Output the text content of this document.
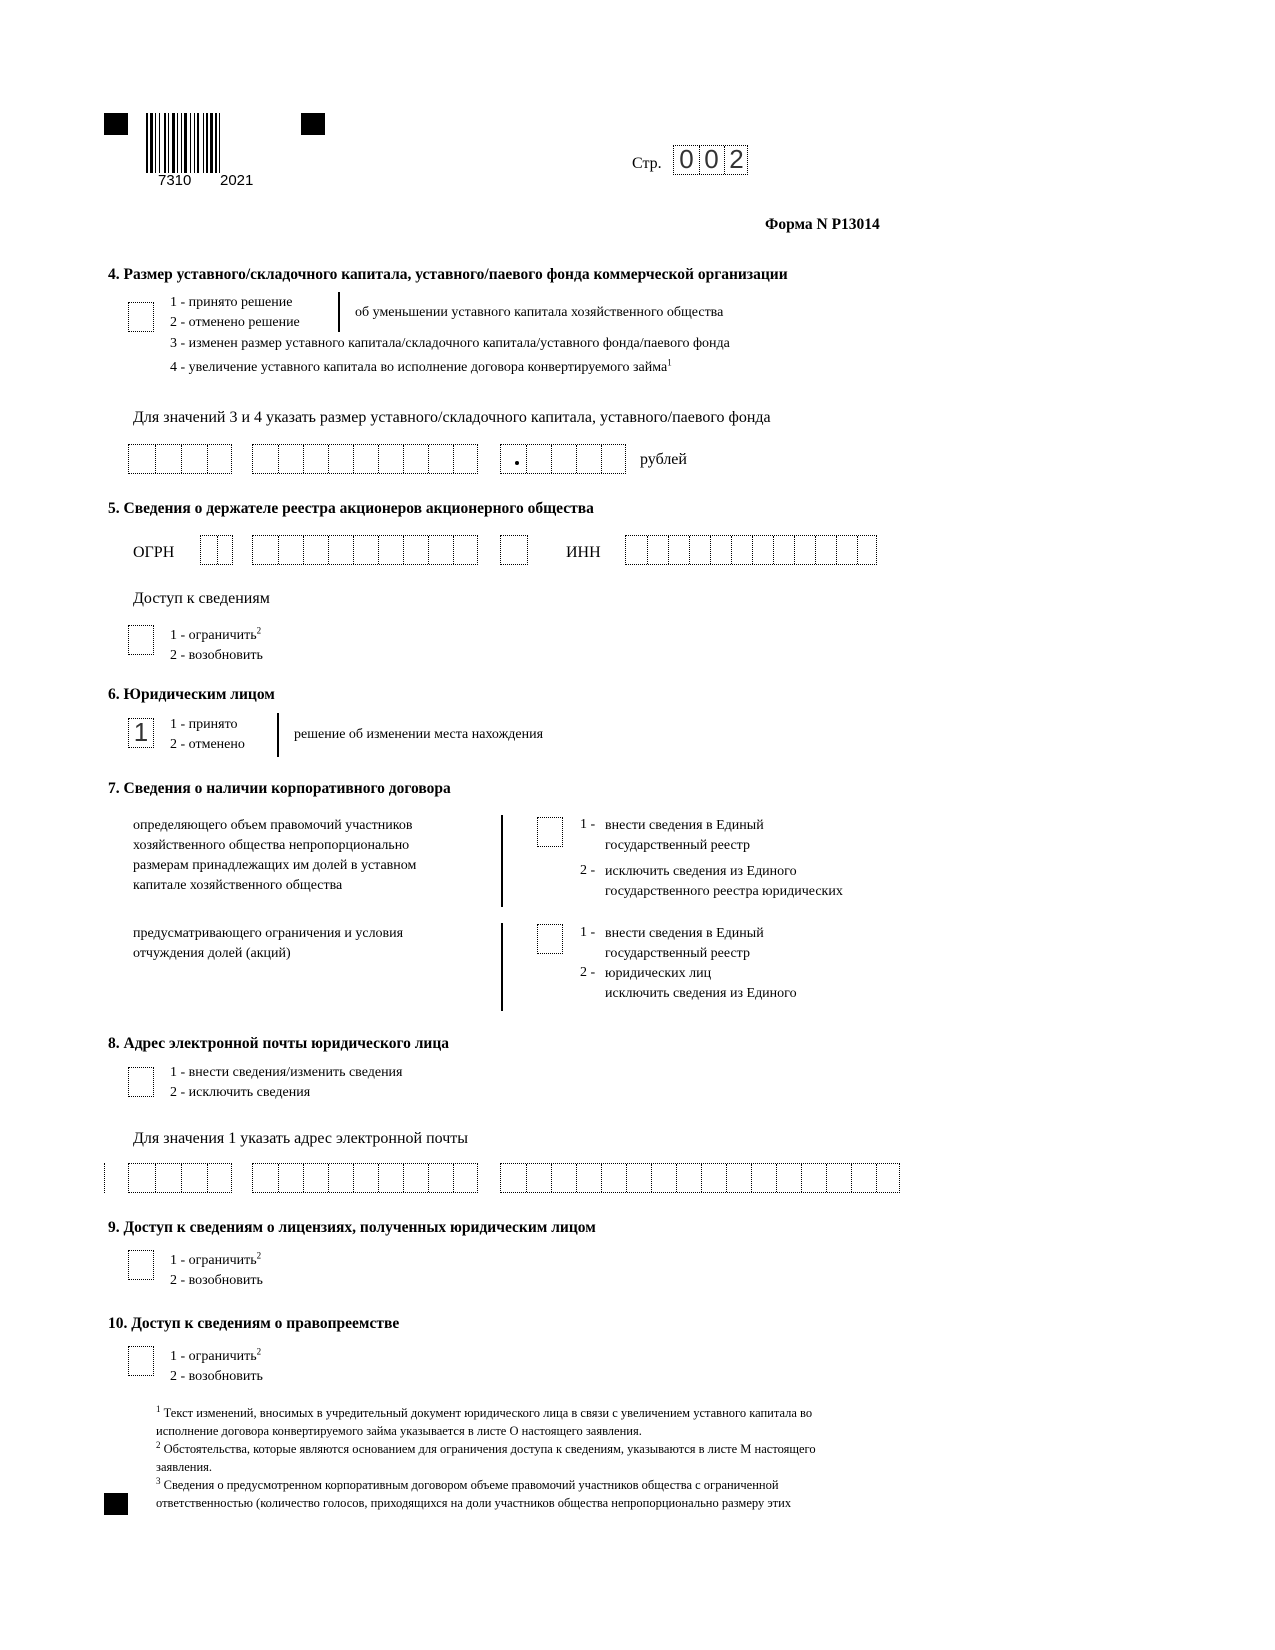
7310 2021
Стр. 0 0 2
Форма N Р13014
4. Размер уставного/складочного капитала, уставного/паевого фонда коммерческой организации
1 - принято решение
2 - отменено решение
об уменьшении уставного капитала хозяйственного общества
3 - изменен размер уставного капитала/складочного капитала/уставного фонда/паевого фонда
4 - увеличение уставного капитала во исполнение договора конвертируемого займа$^1$
Для значений 3 и 4 указать размер уставного/складочного капитала, уставного/паевого фонда
рублей
5. Сведения о держателе реестра акционеров акционерного общества
ОГРН	ИНН
Доступ к сведениям
1 - ограничить$^2$
2 - возобновить
6. Юридическим лицом
1	1 - принято
2 - отменено
решение об изменении места нахождения
7. Сведения о наличии корпоративного договора
определяющего объем правомочий участников
хозяйственного общества непропорционально
размерам принадлежащих им долей в уставном
капитале хозяйственного общества
1 - внести сведения в Единый
государственный реестр
2 - исключить сведения из Единого
государственного реестра юридических
предусматривающего ограничения и условия
отчуждения долей (акций)
1 - внести сведения в Единый
государственный реестр
2 - юридических лиц
исключить сведения из Единого
8. Адрес электронной почты юридического лица
1 - внести сведения/изменить сведения
2 - исключить сведения
Для значения 1 указать адрес электронной почты
9. Доступ к сведениям о лицензиях, полученных юридическим лицом
1 - ограничить$^2$
2 - возобновить
10. Доступ к сведениям о правопреемстве
1 - ограничить$^2$
2 - возобновить
$^1$ Текст изменений, вносимых в учредительный документ юридического лица в связи с увеличением уставного капитала во
исполнение договора конвертируемого займа указывается в листе О настоящего заявления.
$^2$ Обстоятельства, которые являются основанием для ограничения доступа к сведениям, указываются в листе М настоящего
заявления.
$^3$ Сведения о предусмотренном корпоративным договором объеме правомочий участников общества с ограниченной
ответственностью (количество голосов, приходящихся на доли участников общества непропорционально размеру этих
